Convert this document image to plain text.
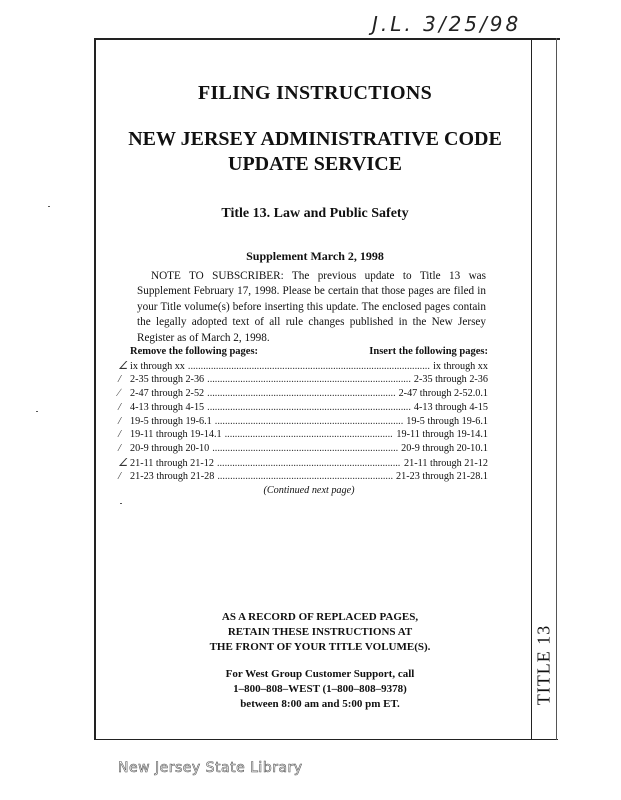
J.L. 3/25/98
FILING INSTRUCTIONS
NEW JERSEY ADMINISTRATIVE CODE UPDATE SERVICE
Title 13. Law and Public Safety
Supplement March 2, 1998
NOTE TO SUBSCRIBER: The previous update to Title 13 was Supplement February 17, 1998. Please be certain that those pages are filed in your Title volume(s) before inserting this update. The enclosed pages contain the legally adopted text of all rule changes published in the New Jersey Register as of March 2, 1998.
Remove the following pages:	Insert the following pages:
∠ ix through xx .....	ix through xx
/ 2-35 through 2-36 .....	2-35 through 2-36
∕ 2-47 through 2-52 .....	2-47 through 2-52.0.1
/ 4-13 through 4-15 .....	4-13 through 4-15
/ 19-5 through 19-6.1 .....	19-5 through 19-6.1
/ 19-11 through 19-14.1 .....	19-11 through 19-14.1
/ 20-9 through 20-10 .....	20-9 through 20-10.1
∠ 21-11 through 21-12 .....	21-11 through 21-12
/ 21-23 through 21-28 .....	21-23 through 21-28.1
(Continued next page)
AS A RECORD OF REPLACED PAGES,
RETAIN THESE INSTRUCTIONS AT
THE FRONT OF YOUR TITLE VOLUME(S).
For West Group Customer Support, call
1–800–808–WEST (1–800–808–9378)
between 8:00 am and 5:00 pm ET.	TITLE 13
New Jersey State Library
